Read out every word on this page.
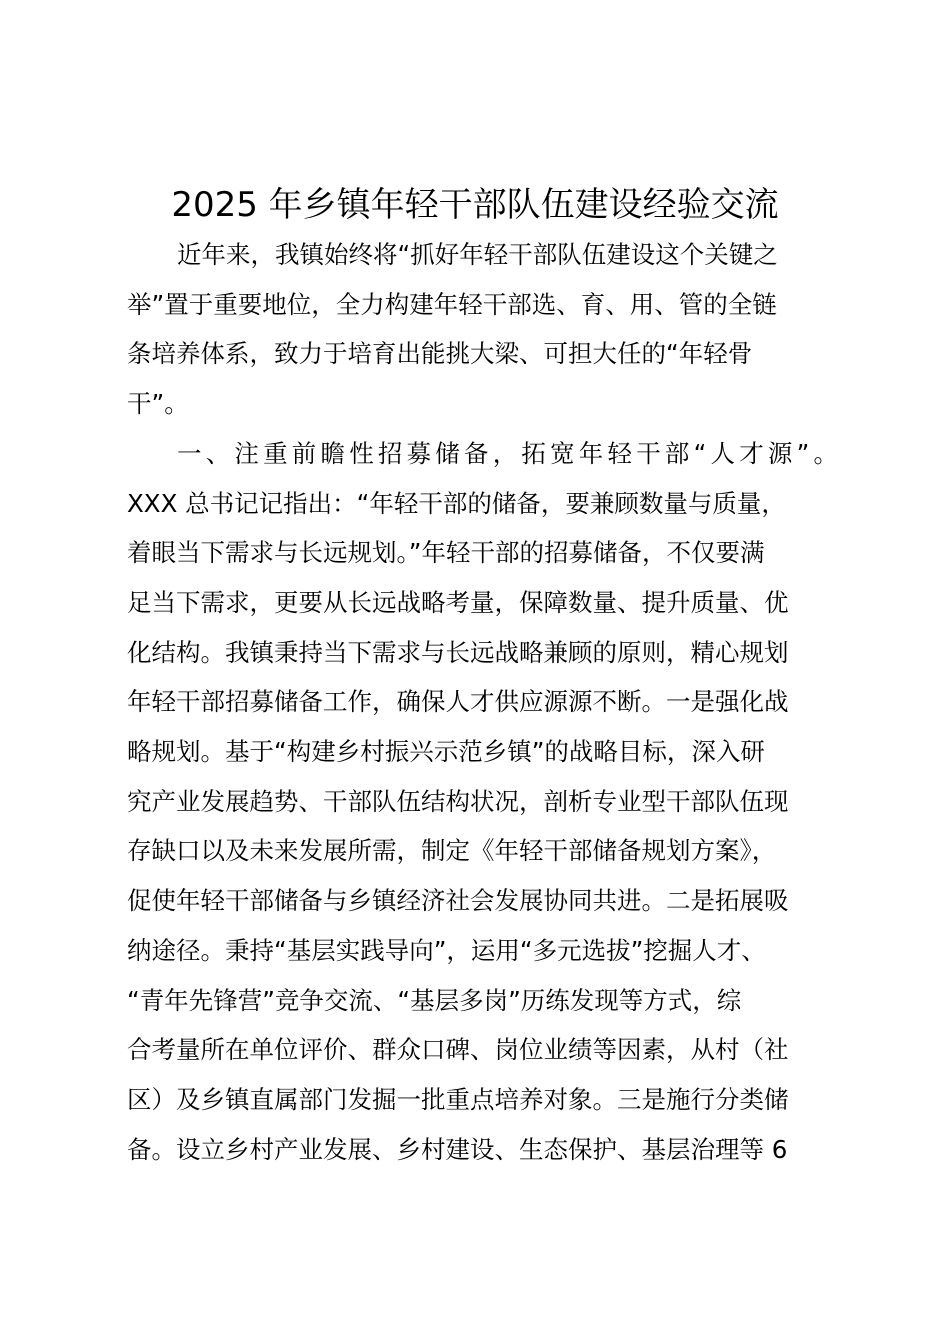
2025 年乡镇年轻干部队伍建设经验交流
近年来，我镇始终将“抓好年轻干部队伍建设这个关键之
举”置于重要地位，全力构建年轻干部选、育、用、管的全链
条培养体系，致力于培育出能挑大梁、可担大任的“年轻骨
干”。
一、注重前瞻性招募储备，拓宽年轻干部“人才源”。
XXX 总书记记指出：“年轻干部的储备，要兼顾数量与质量，
着眼当下需求与长远规划。”年轻干部的招募储备，不仅要满
足当下需求，更要从长远战略考量，保障数量、提升质量、优
化结构。我镇秉持当下需求与长远战略兼顾的原则，精心规划
年轻干部招募储备工作，确保人才供应源源不断。一是强化战
略规划。基于“构建乡村振兴示范乡镇”的战略目标，深入研
究产业发展趋势、干部队伍结构状况，剖析专业型干部队伍现
存缺口以及未来发展所需，制定《年轻干部储备规划方案》，
促使年轻干部储备与乡镇经济社会发展协同共进。二是拓展吸
纳途径。秉持“基层实践导向”，运用“多元选拔”挖掘人才、
“青年先锋营”竞争交流、“基层多岗”历练发现等方式，综
合考量所在单位评价、群众口碑、岗位业绩等因素，从村（社
区）及乡镇直属部门发掘一批重点培养对象。三是施行分类储
备。设立乡村产业发展、乡村建设、生态保护、基层治理等 6
